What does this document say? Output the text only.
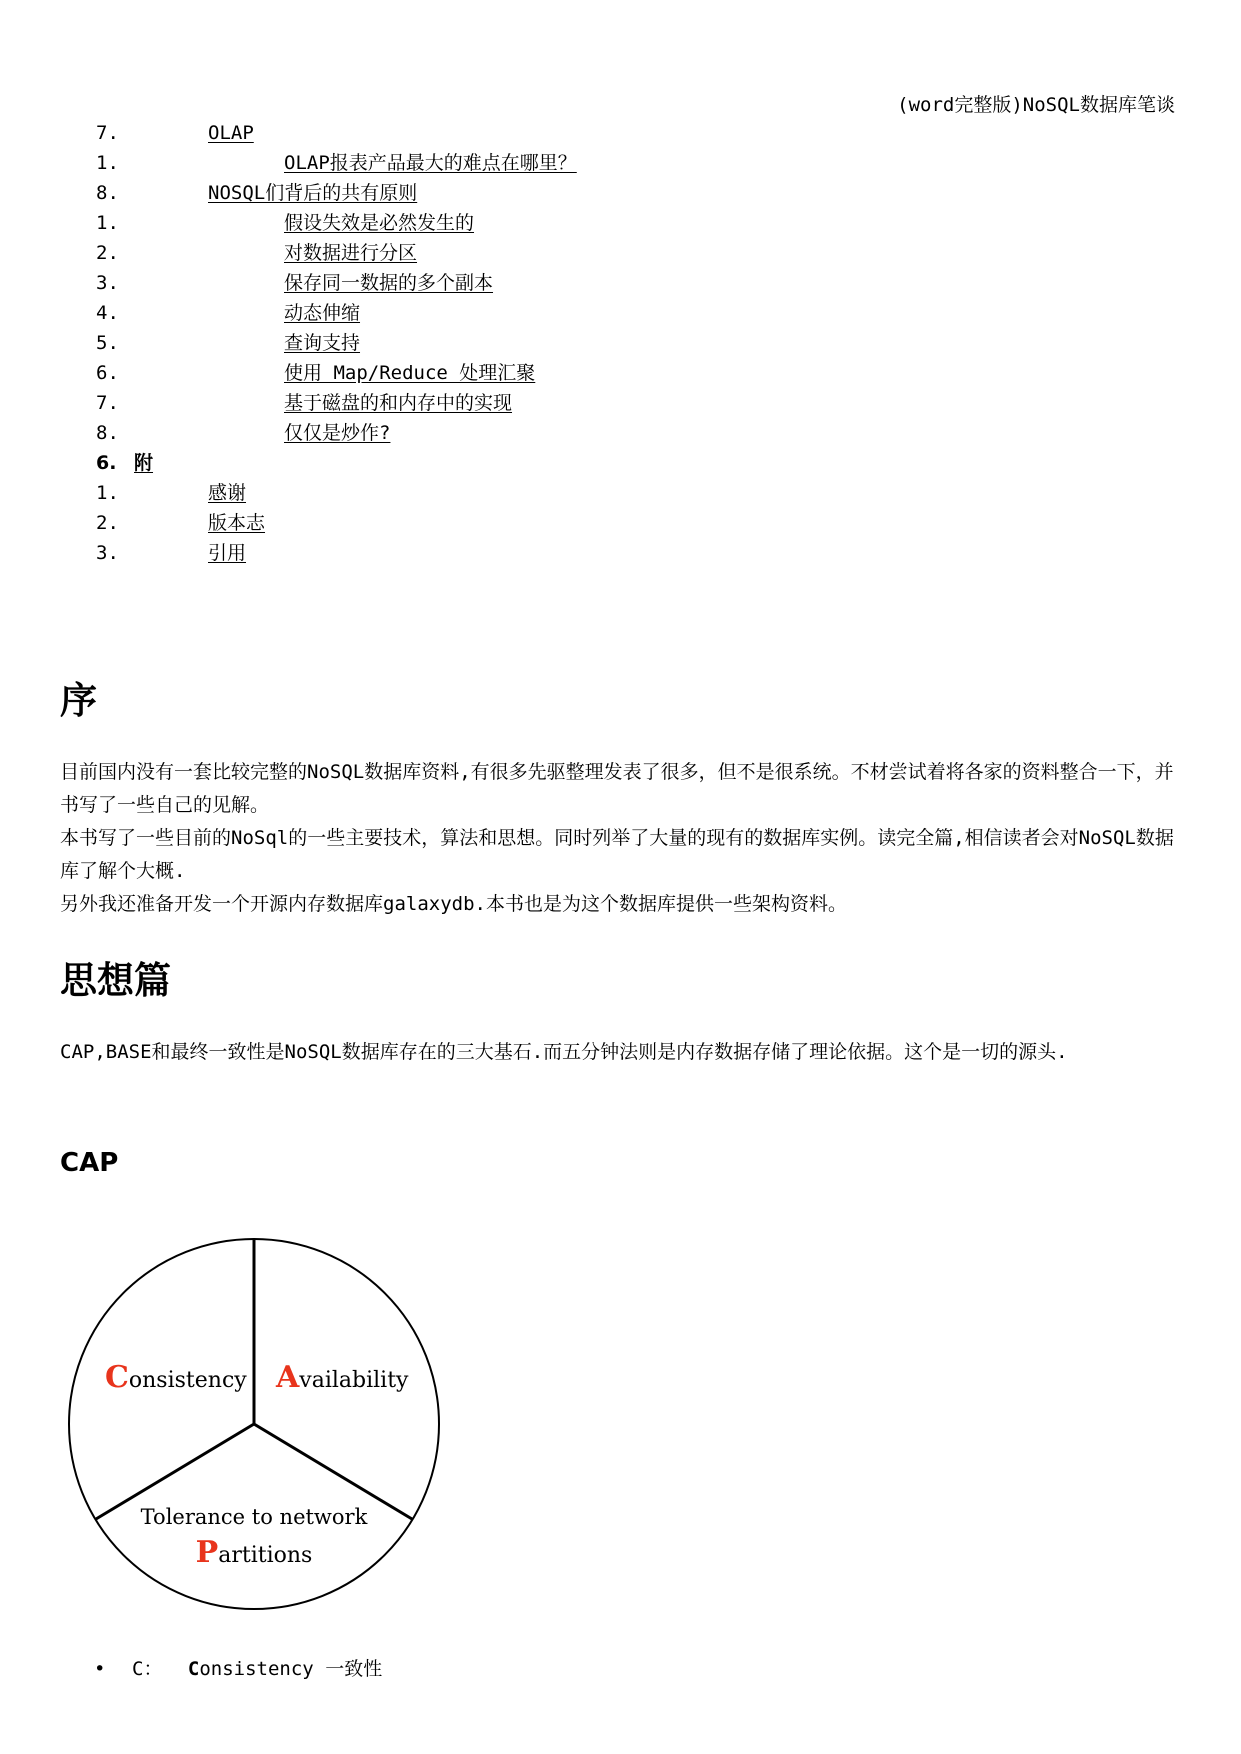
(word完整版)NoSQL数据库笔谈
7.	OLAP
1.	OLAP报表产品最大的难点在哪里？
8.	NOSQL们背后的共有原则
1.	假设失效是必然发生的
2.	对数据进行分区
3.	保存同一数据的多个副本
4.	动态伸缩
5.	查询支持
6.	使用 Map/Reduce 处理汇聚
7.	基于磁盘的和内存中的实现
8.	仅仅是炒作?
6. 附
1.	感谢
2.	版本志
3.	引用
序

目前国内没有一套比较完整的NoSQL数据库资料,有很多先驱整理发表了很多，但不是很系统。不材尝试着将各家的资料整合一下，并书写了一些自己的见解。

本书写了一些目前的NoSql的一些主要技术，算法和思想。同时列举了大量的现有的数据库实例。读完全篇,相信读者会对NoSQL数据库了解个大概.

另外我还准备开发一个开源内存数据库galaxydb.本书也是为这个数据库提供一些架构资料。

思想篇

CAP,BASE和最终一致性是NoSQL数据库存在的三大基石.而五分钟法则是内存数据存储了理论依据。这个是一切的源头.

CAP
Consistency Availability
Tolerance to network
Partitions
• C： Consistency 一致性
